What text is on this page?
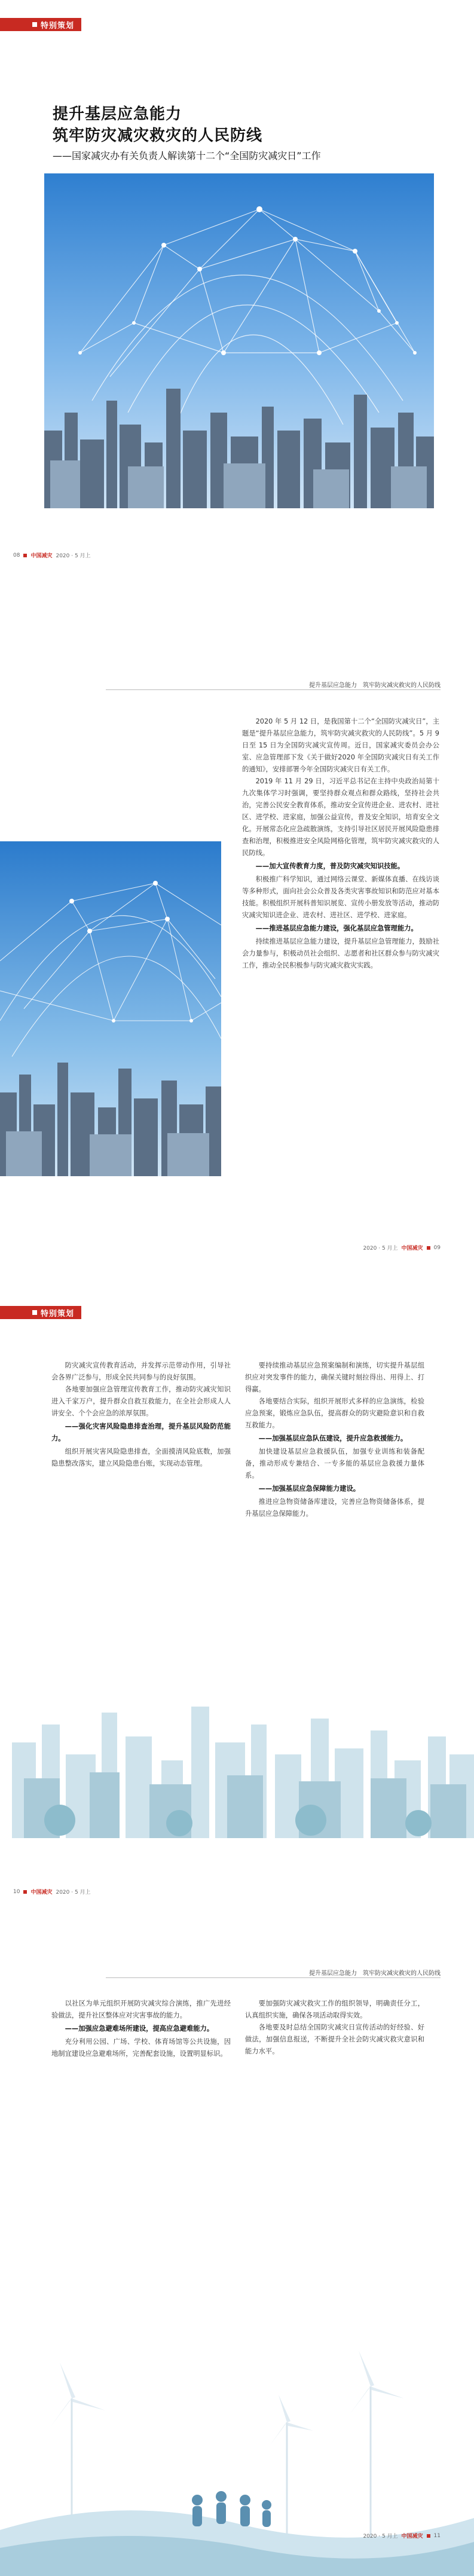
特别策划
提升基层应急能力
筑牢防灾减灾救灾的人民防线
——国家减灾办有关负责人解读第十二个“全国防灾减灾日”工作
08 中国减灾 2020 · 5 月上
提升基层应急能力　筑牢防灾减灾救灾的人民防线

2020 年 5 月 12 日，是我国第十二个“全国防灾减灾日”，主题是“提升基层应急能力，筑牢防灾减灾救灾的人民防线”。5 月 9 日至 15 日为全国防灾减灾宣传周。近日，国家减灾委员会办公室、应急管理部下发《关于做好2020 年全国防灾减灾日有关工作的通知》，安排部署今年全国防灾减灾日有关工作。

2019 年 11 月 29 日，习近平总书记在主持中央政治局第十九次集体学习时强调，要坚持群众观点和群众路线，坚持社会共治，完善公民安全教育体系，推动安全宣传进企业、进农村、进社区、进学校、进家庭，加强公益宣传，普及安全知识，培育安全文化。开展常态化应急疏散演练，支持引导社区居民开展风险隐患排查和治理，积极推进安全风险网格化管理，筑牢防灾减灾救灾的人民防线。

——加大宣传教育力度，普及防灾减灾知识技能。

积极推广科学知识，通过网络云课堂、新媒体直播、在线访谈等多种形式，面向社会公众普及各类灾害事故知识和防范应对基本技能。积极组织开展科普知识展览、宣传小册发放等活动，推动防灾减灾知识进企业、进农村、进社区、进学校、进家庭。

——推进基层应急能力建设，强化基层应急管理能力。

持续推进基层应急能力建设，提升基层应急管理能力，鼓励社会力量参与，积极动员社会组织、志愿者和社区群众参与防灾减灾工作，推动全民积极参与防灾减灾救灾实践。

2020 · 5 月上 中国减灾 09
特别策划

防灾减灾宣传教育活动，并发挥示范带动作用，引导社会各界广泛参与，形成全民共同参与的良好氛围。

各地要加强应急管理宣传教育工作，推动防灾减灾知识进入千家万户，提升群众自救互救能力，在全社会形成人人讲安全、个个会应急的浓厚氛围。

——强化灾害风险隐患排查治理，提升基层风险防范能力。

组织开展灾害风险隐患排查，全面摸清风险底数，加强隐患整改落实，建立风险隐患台账，实现动态管理。

要持续推动基层应急预案编制和演练，切实提升基层组织应对突发事件的能力，确保关键时刻拉得出、用得上、打得赢。

各地要结合实际，组织开展形式多样的应急演练，检验应急预案，锻炼应急队伍，提高群众的防灾避险意识和自救互救能力。

——加强基层应急队伍建设，提升应急救援能力。

加快建设基层应急救援队伍，加强专业训练和装备配备，推动形成专兼结合、一专多能的基层应急救援力量体系。

——加强基层应急保障能力建设。

推进应急物资储备库建设，完善应急物资储备体系，提升基层应急保障能力。

10 中国减灾 2020 · 5 月上
提升基层应急能力　筑牢防灾减灾救灾的人民防线

以社区为单元组织开展防灾减灾综合演练，推广先进经验做法，提升社区整体应对灾害事故的能力。

——加强应急避难场所建设，提高应急避难能力。

充分利用公园、广场、学校、体育场馆等公共设施，因地制宜建设应急避难场所，完善配套设施，设置明显标识。

要加强防灾减灾救灾工作的组织领导，明确责任分工，认真组织实施，确保各项活动取得实效。

各地要及时总结全国防灾减灾日宣传活动的好经验、好做法，加强信息报送，不断提升全社会防灾减灾救灾意识和能力水平。

2020 · 5 月上 中国减灾 11
